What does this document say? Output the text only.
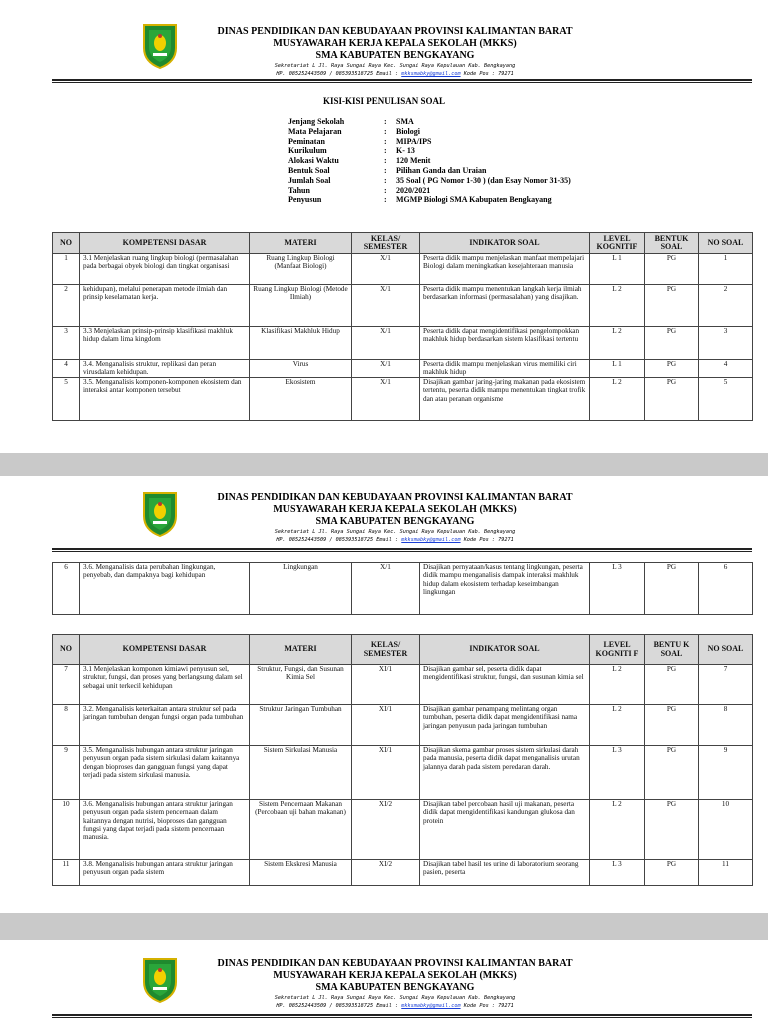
DINAS PENDIDIKAN DAN KEBUDAYAAN PROVINSI KALIMANTAN BARAT
MUSYAWARAH KERJA KEPALA SEKOLAH (MKKS)
SMA KABUPATEN BENGKAYANG
Sekretariat L Jl. Raya Sungai Raya Kec. Sungai Raya Kepulauan Kab. Bengkayang
HP. 085252443509 / 085393518725 Email : mkksmabky@gmail.com Kode Pos : 79271
KISI-KISI PENULISAN SOAL
Jenjang Sekolah	:	SMA
Mata Pelajaran	:	Biologi
Peminatan	:	MIPA/IPS
Kurikulum	:	K- 13
Alokasi Waktu	:	120 Menit
Bentuk Soal	:	Pilihan Ganda dan Uraian
Jumlah Soal	:	35 Soal ( PG Nomor 1-30 ) (dan Esay Nomor 31-35)
Tahun	:	2020/2021
Penyusun	:	MGMP Biologi SMA Kabupaten Bengkayang
NO	KOMPETENSI DASAR	MATERI	KELAS/ SEMESTER	INDIKATOR SOAL	LEVEL KOGNITIF	BENTUK SOAL	NO SOAL
1	3.1 Menjelaskan ruang lingkup biologi (permasalahan pada berbagai obyek biologi dan tingkat organisasi	Ruang Lingkup Biologi (Manfaat Biologi)	X/1	Peserta didik mampu menjelaskan manfaat mempelajari Biologi dalam meningkatkan kesejahteraan manusia	L 1	PG	1
2	kehidupan), melalui penerapan metode ilmiah dan prinsip keselamatan kerja.	Ruang Lingkup Biologi (Metode Ilmiah)	X/1	Peserta didik mampu menentukan langkah kerja ilmiah berdasarkan informasi (permasalahan) yang disajikan.	L 2	PG	2
3	3.3 Menjelaskan prinsip-prinsip klasifikasi makhluk hidup dalam lima kingdom	Klasifikasi Makhluk Hidup	X/1	Peserta didik dapat mengidentifikasi pengelompokkan makhluk hidup berdasarkan sistem klasifikasi tertentu	L 2	PG	3
4	3.4. Menganalisis struktur, replikasi dan peran virusdalam kehidupan.	Virus	X/1	Peserta didik mampu menjelaskan virus memiliki ciri makhluk hidup	L 1	PG	4
5	3.5. Menganalisis komponen-komponen ekosistem dan interaksi antar komponen tersebut	Ekosistem	X/1	Disajikan gambar jaring-jaring makanan pada ekosistem tertentu, peserta didik mampu menentukan tingkat trofik dan atau peranan organisme	L 2	PG	5
DINAS PENDIDIKAN DAN KEBUDAYAAN PROVINSI KALIMANTAN BARAT
MUSYAWARAH KERJA KEPALA SEKOLAH (MKKS)
SMA KABUPATEN BENGKAYANG
Sekretariat L Jl. Raya Sungai Raya Kec. Sungai Raya Kepulauan Kab. Bengkayang
HP. 085252443509 / 085393518725 Email : mkksmabky@gmail.com Kode Pos : 79271
6	3.6. Menganalisis data perubahan lingkungan, penyebab, dan dampaknya bagi kehidupan	Lingkungan	X/1	Disajikan pernyataan/kasus tentang lingkungan, peserta didik mampu menganalisis dampak interaksi makhluk hidup dalam ekosistem terhadap keseimbangan lingkungan	L 3	PG	6
NO	KOMPETENSI DASAR	MATERI	KELAS/ SEMESTER	INDIKATOR SOAL	LEVEL KOGNITI F	BENTU K SOAL	NO SOAL
7	3.1 Menjelaskan komponen kimiawi penyusun sel, struktur, fungsi, dan proses yang berlangsung dalam sel sebagai unit terkecil kehidupan	Struktur, Fungsi, dan Susunan Kimia Sel	XI/1	Disajikan gambar sel, peserta didik dapat mengidentifikasi struktur, fungsi, dan susunan kimia sel	L 2	PG	7
8	3.2. Menganalisis keterkaitan antara struktur sel pada jaringan tumbuhan dengan fungsi organ pada tumbuhan	Struktur Jaringan Tumbuhan	XI/1	Disajikan gambar penampang melintang organ tumbuhan, peserta didik dapat mengidentifikasi nama jaringan penyusun pada jaringan tumbuhan	L 2	PG	8
9	3.5. Menganalisis hubungan antara struktur jaringan penyusun organ pada sistem sirkulasi dalam kaitannya dengan bioproses dan gangguan fungsi yang dapat terjadi pada sistem sirkulasi manusia.	Sistem Sirkulasi Manusia	XI/1	Disajikan skema gambar proses sistem sirkulasi darah pada manusia, peserta didik dapat menganalisis urutan jalannya darah pada sistem peredaran darah.	L 3	PG	9
10	3.6. Menganalisis hubungan antara struktur jaringan penyusun organ pada sistem pencernaan dalam kaitannya dengan nutrisi, bioproses dan gangguan fungsi yang dapat terjadi pada sistem pencernaan manusia.	Sistem Pencernaan Makanan (Percobaan uji bahan makanan)	XI/2	Disajikan tabel percobaan hasil uji makanan, peserta didik dapat mengidentifikasi kandungan glukosa dan protein	L 2	PG	10
11	3.8. Menganalisis hubungan antara struktur jaringan penyusun organ pada sistem	Sistem Ekskresi Manusia	XI/2	Disajikan tabel hasil tes urine di laboratorium seorang pasien, peserta	L 3	PG	11
DINAS PENDIDIKAN DAN KEBUDAYAAN PROVINSI KALIMANTAN BARAT
MUSYAWARAH KERJA KEPALA SEKOLAH (MKKS)
SMA KABUPATEN BENGKAYANG
Sekretariat L Jl. Raya Sungai Raya Kec. Sungai Raya Kepulauan Kab. Bengkayang
HP. 085252443509 / 085393518725 Email : mkksmabky@gmail.com Kode Pos : 79271
